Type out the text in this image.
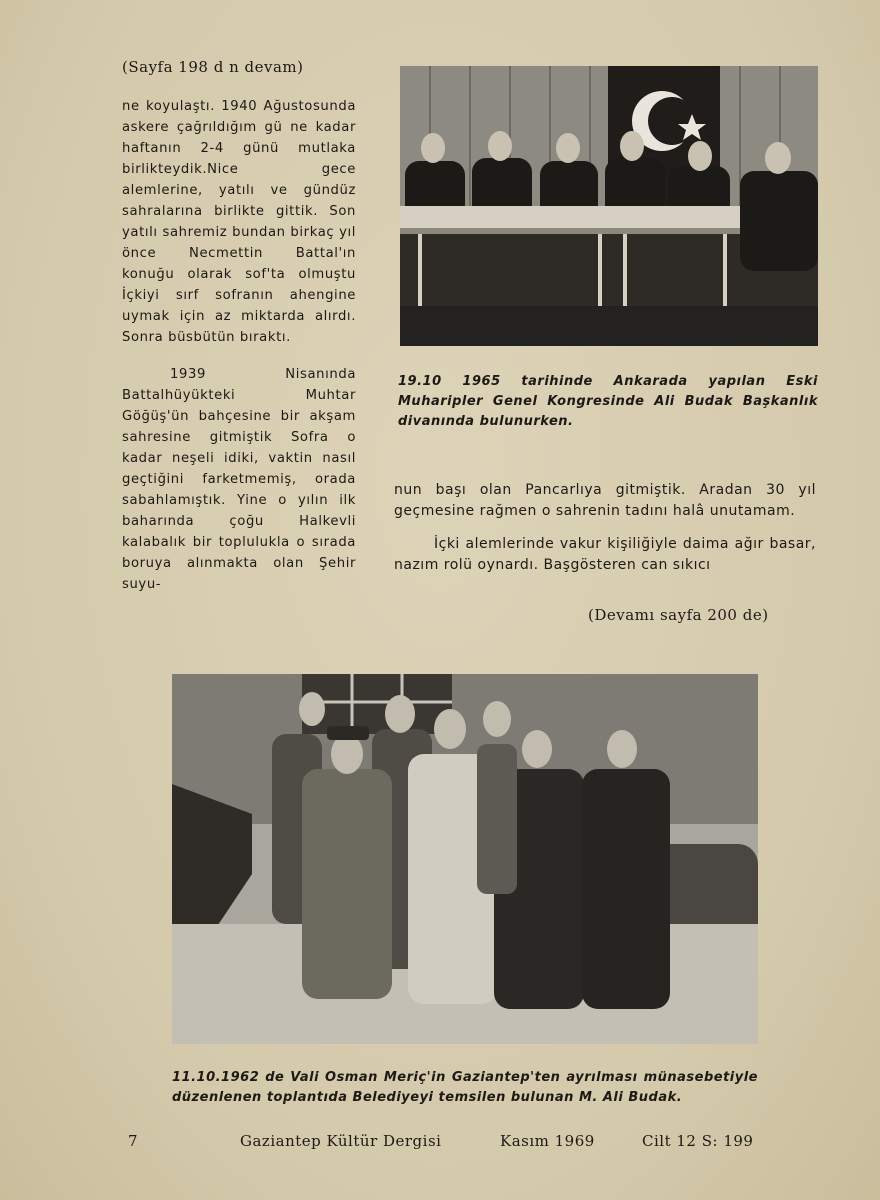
(Sayfa 198 d n devam)

ne koyulaştı. 1940 Ağustosunda askere çağrıldığım gü ne kadar haftanın 2-4 günü mutlaka birlikteydik.Nice gece alemlerine, yatılı ve gündüz sahralarına birlikte gittik. Son yatılı sahremiz bundan birkaç yıl önce Necmettin Battal'ın konuğu olarak sof'ta olmuştu İçkiyi sırf sofranın ahengine uymak için az miktarda alırdı. Sonra büsbütün bıraktı.

1939 Nisanında Battalhüyükteki Muhtar Göğüş'ün bahçesine bir akşam sahresine gitmiştik Sofra o kadar neşeli idiki, vaktin nasıl geçtiğini farketmemiş, orada sabahlamıştık. Yine o yılın ilk baharında çoğu Halkevli kalabalık bir toplulukla o sırada boruya alınmakta olan Şehir suyu-

19.10 1965 tarihinde Ankarada yapılan Eski Muharipler Genel Kongresinde Ali Budak Başkanlık divanında bulunurken.

nun başı olan Pancarlıya gitmiştik. Aradan 30 yıl geçmesine rağmen o sahrenin tadını halâ unutamam.

İçki alemlerinde vakur kişiliğiyle daima ağır basar, nazım rolü oynardı. Başgösteren can sıkıcı

(Devamı sayfa 200 de)
11.10.1962 de Vali Osman Meriç'in Gaziantep'ten ayrılması münasebetiyle düzenlenen toplantıda Belediyeyi temsilen bulunan M. Ali Budak.
7	Gaziantep Kültür Dergisi	Kasım 1969	Cilt 12 S: 199
